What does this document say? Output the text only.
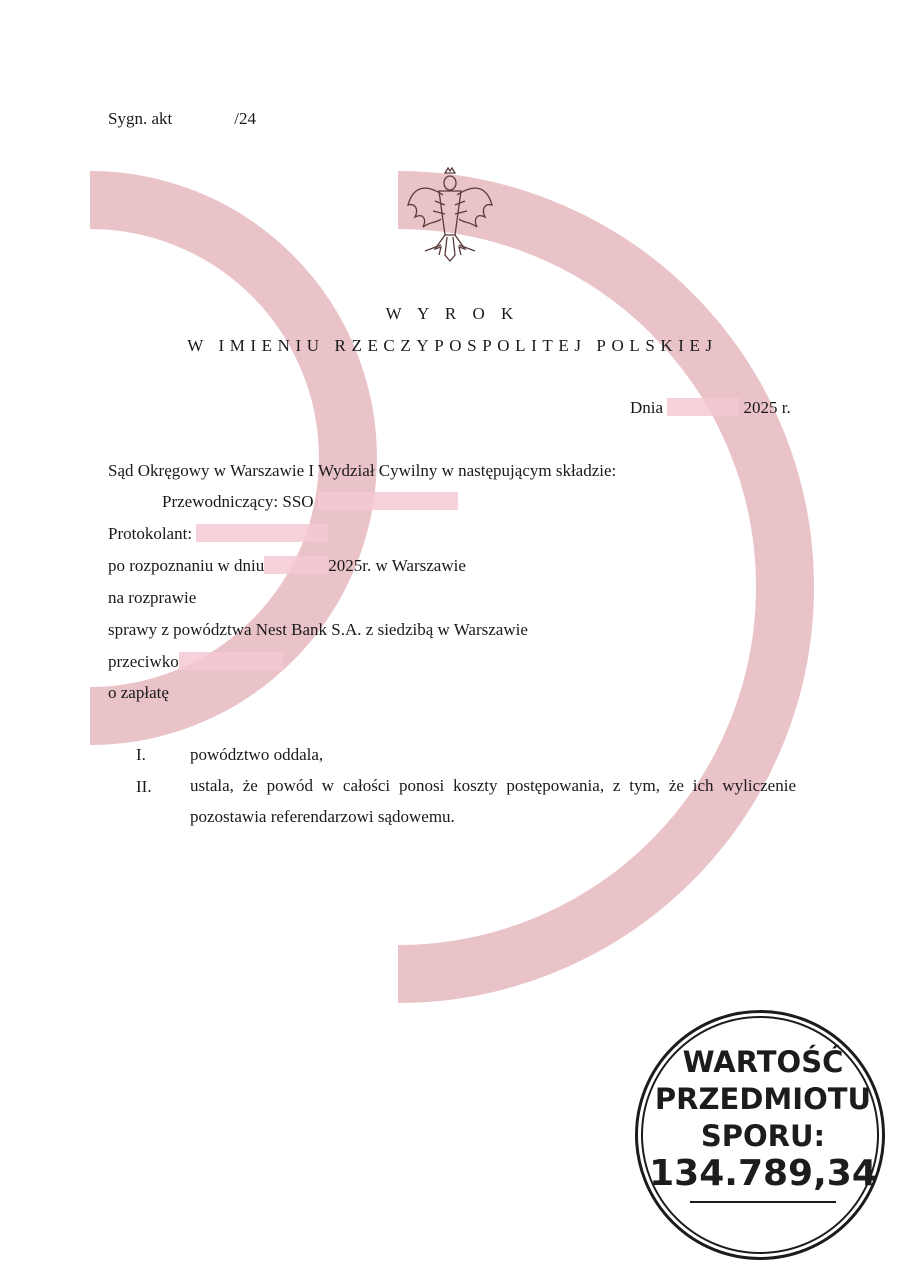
Sygn. akt	/24
W Y R O K
W IMIENIU RZECZYPOSPOLITEJ POLSKIEJ
Dnia	2025 r.
Sąd Okręgowy w Warszawie I Wydział Cywilny w następującym składzie:
Przewodniczący: SSO
Protokolant:
po rozpoznaniu w dniu	2025r. w Warszawie
na rozprawie
sprawy z powództwa Nest Bank S.A. z siedzibą w Warszawie
przeciwko
o zapłatę
I.	powództwo oddala,
II. ustala, że powód w całości ponosi koszty postępowania, z tym, że ich wyliczenie pozostawia referendarzowi sądowemu.
WARTOŚĆ
PRZEDMIOTU
SPORU:
134.789,34
